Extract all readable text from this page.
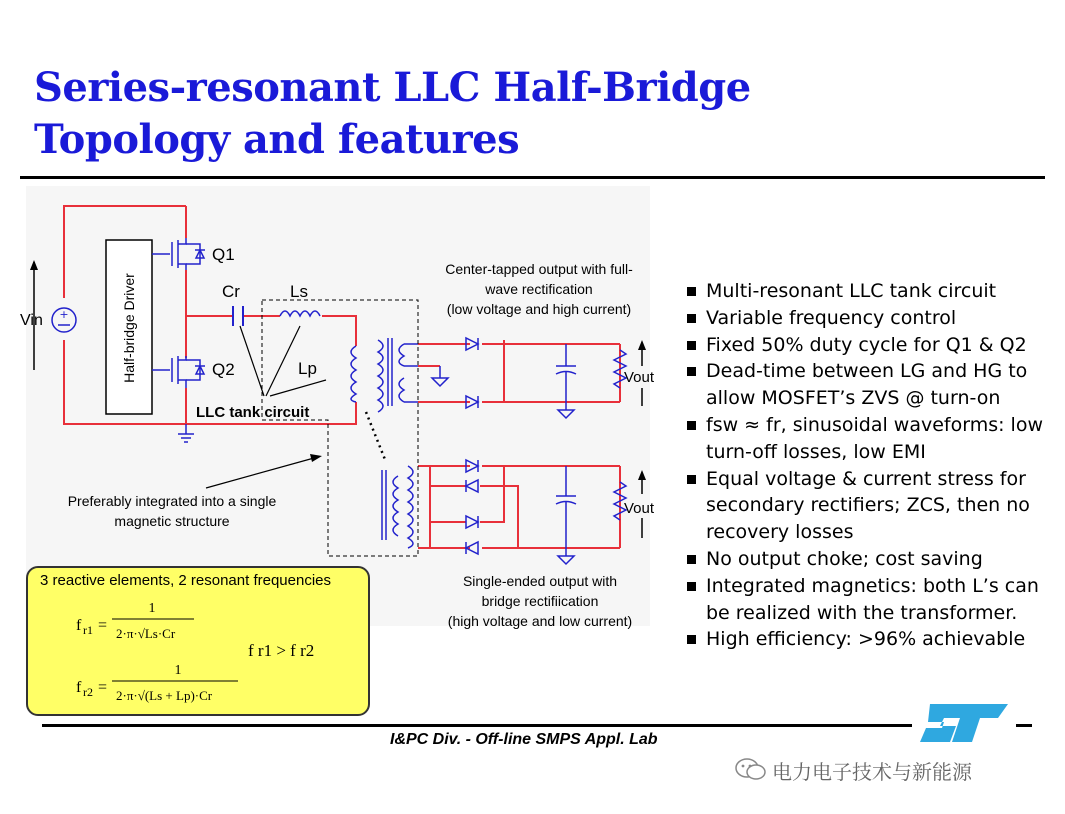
Series-resonant LLC Half-Bridge
Topology and features
+
Vin	Half-bridge Driver
Q1
Q2
Cr	Ls
Lp	Vout
Vout
LLC tank circuit
Center-tapped output with full-
wave rectification
(low voltage and high current)
Preferably integrated into a single
magnetic structure
Single-ended output with
bridge rectifiication
(high voltage and low current)
Multi-resonant LLC tank circuit
Variable frequency control
Fixed 50% duty cycle for Q1 & Q2
Dead-time between LG and HG to allow MOSFET’s ZVS @ turn-on
fsw ≈ fr, sinusoidal waveforms: low turn-off losses, low EMI
Equal voltage & current stress for secondary rectifiers; ZCS, then no recovery losses
No output choke; cost saving
Integrated magnetics: both L’s can be realized with the transformer.
High efficiency: >96% achievable
3 reactive elements, 2 resonant frequencies
f r1 =
1
2·π·√Ls·Cr
f r1 > f r2
f r2 =
1
2·π·√(Ls + Lp)·Cr
I&PC Div. - Off-line SMPS Appl. Lab
电力电子技术与新能源
